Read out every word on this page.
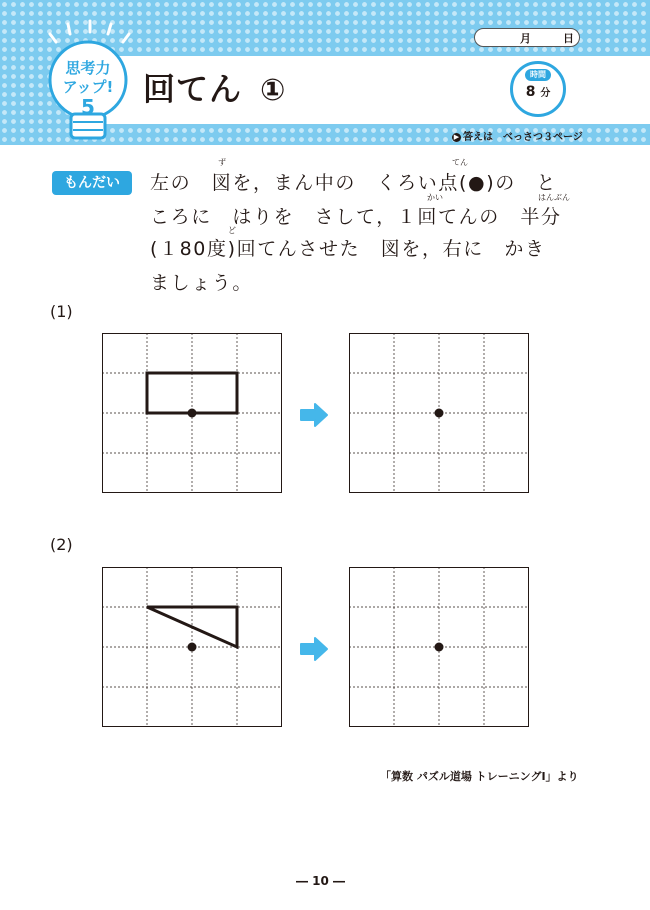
思考力
アップ!
5 回てん ①
月	日
時間
8 分
▶ 答えは　べっさつ３ページ
もんだい	左の　図を，まん中の　くろい点(●)の　と
ころに　はりを　さして，１回てんの　半分
(１80度)回てんさせた　図を，右に　かき
ましょう。
ず	てん
かい	はんぶん
ど
(1)
(2)
「算数 パズル道場 トレーニングⅠ」より
― 10 ―
